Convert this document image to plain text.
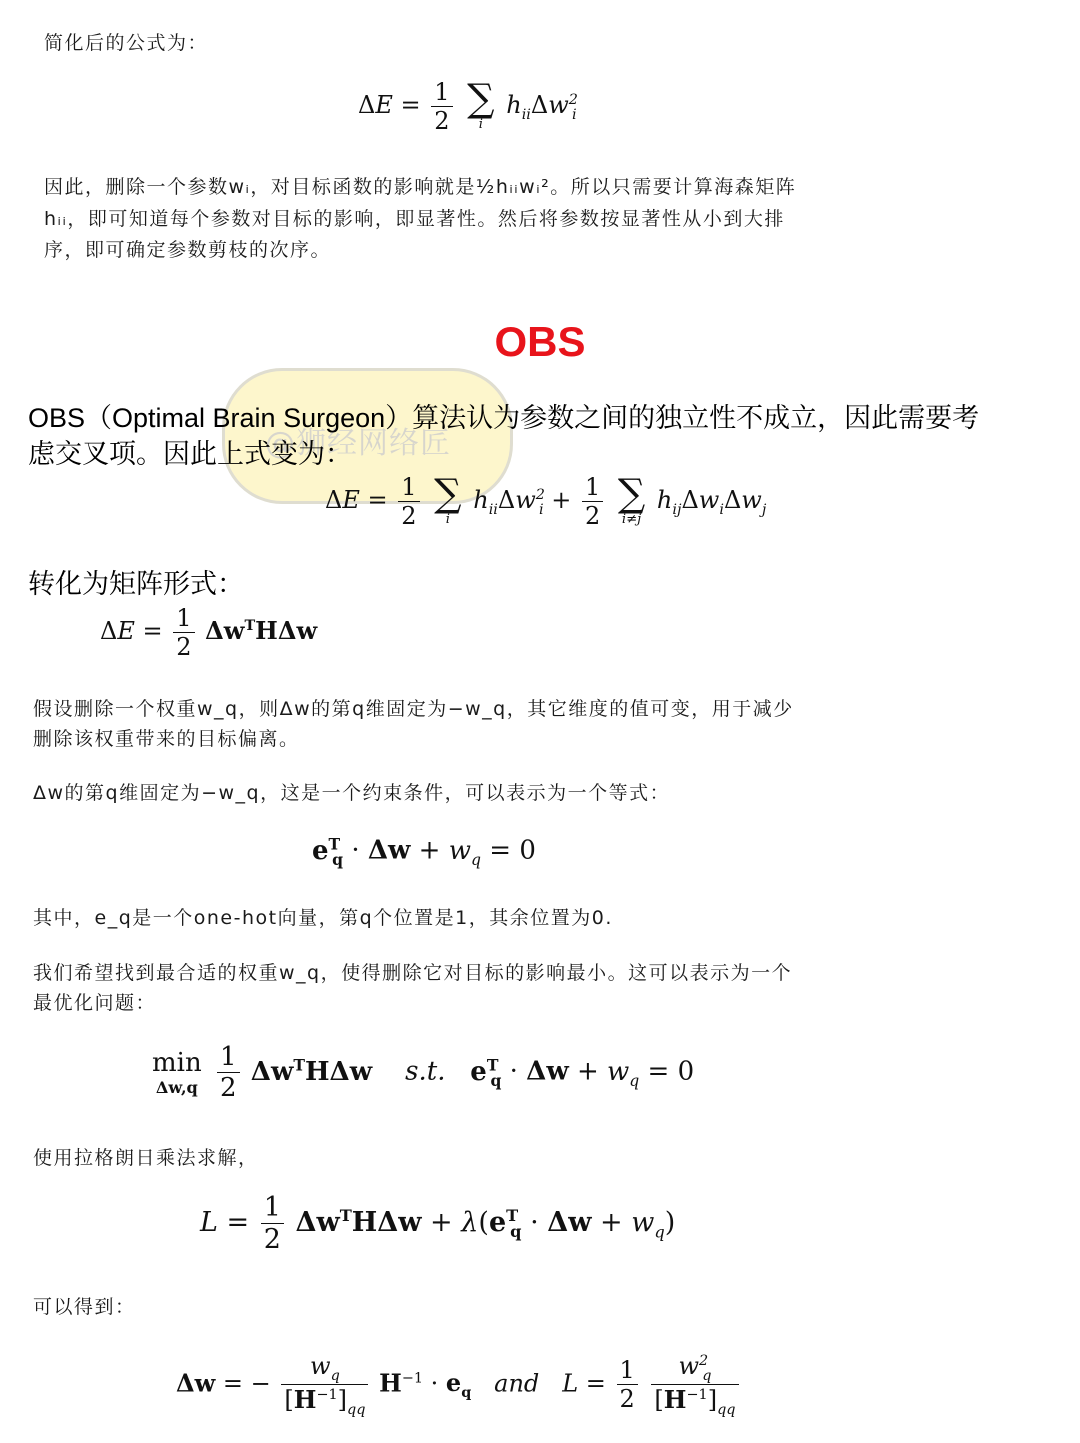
简化后的公式为：
$\Delta E = \frac{1}{2}$
∑
i
$h_{ii}\Delta w^2_i$
因此，删除一个参数wᵢ，对目标函数的影响就是½hᵢᵢwᵢ²。所以只需要计算海森矩阵
hᵢᵢ，即可知道每个参数对目标的影响，即显著性。然后将参数按显著性从小到大排
序，即可确定参数剪枝的次序。
OBS
@狮经网络匠
OBS（Optimal Brain Surgeon）算法认为参数之间的独立性不成立，因此需要考
虑交叉项。因此上式变为：
$\Delta E = \frac{1}{2}$
∑
i
$h_{ii}\Delta w^2_i + \frac{1}{2}$
∑
i≠j
$h_{ij}\Delta w_i\Delta w_j$
转化为矩阵形式：
$\Delta E = \frac{1}{2} \Delta w^TH\Delta w$
假设删除一个权重w_q，则Δw的第q维固定为−w_q，其它维度的值可变，用于减少
删除该权重带来的目标偏离。
Δw的第q维固定为−w_q，这是一个约束条件，可以表示为一个等式：
$e^T_q \cdot \Delta w + w_q = 0$
其中，e_q是一个one-hot向量，第q个位置是1，其余位置为0.
我们希望找到最合适的权重w_q，使得删除它对目标的影响最小。这可以表示为一个
最优化问题：
min
Δw,q
$\frac{1}{2} \Delta w^TH\Delta w$ s.t. $e^T_q \cdot \Delta w + w_q = 0$
使用拉格朗日乘法求解，
$L = \frac{1}{2} \Delta w^TH\Delta w + \lambda(e^T_q \cdot \Delta w + w_q)$
可以得到：
Δw = − $\frac{w_q}{[H^{-1}]_{qq}} H^{-1} \cdot e_q$ and $L = \frac{1}{2}$
$\frac{w^2_q}{[H^{-1}]_{qq}}$
